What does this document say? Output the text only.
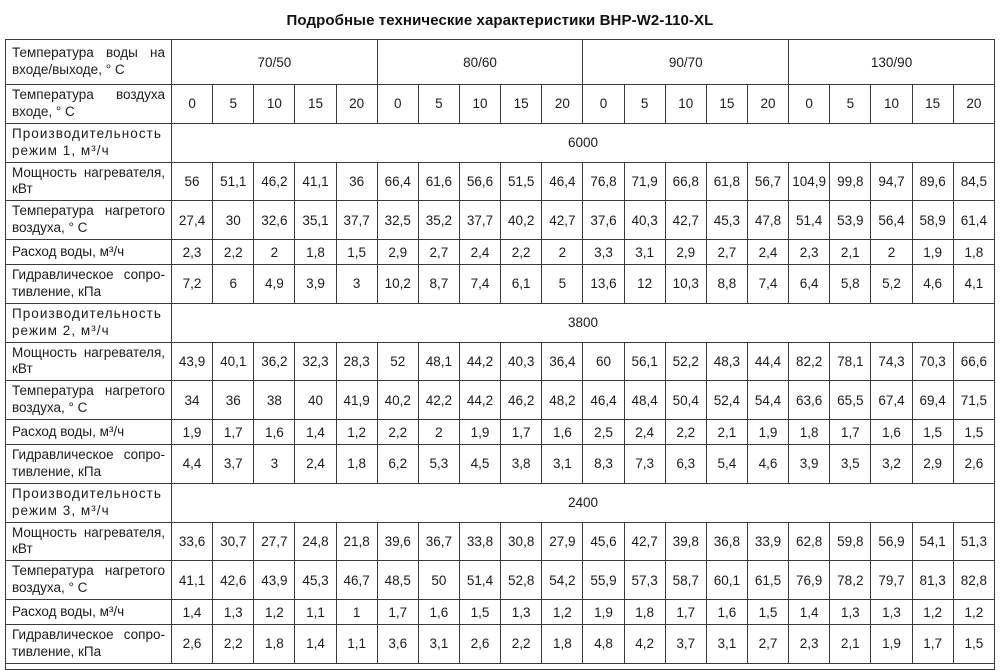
Подробные технические характеристики BHP-W2-110-XL
Температура воды на входе/выходе, ° С	70/50					80/60					90/70					130/90				
Температура воздуха входе, ° С	0	5	10	15	20	0	5	10	15	20	0	5	10	15	20	0	5	10	15	20
Производительность режим 1, м³/ч	6000																			
Мощность нагревателя, кВт	56	51,1	46,2	41,1	36	66,4	61,6	56,6	51,5	46,4	76,8	71,9	66,8	61,8	56,7	104,9	99,8	94,7	89,6	84,5
Температура нагретого воздуха, ° С	27,4	30	32,6	35,1	37,7	32,5	35,2	37,7	40,2	42,7	37,6	40,3	42,7	45,3	47,8	51,4	53,9	56,4	58,9	61,4
Расход воды, м³/ч	2,3	2,2	2	1,8	1,5	2,9	2,7	2,4	2,2	2	3,3	3,1	2,9	2,7	2,4	2,3	2,1	2	1,9	1,8
Гидравлическое сопро-тивление, кПа	7,2	6	4,9	3,9	3	10,2	8,7	7,4	6,1	5	13,6	12	10,3	8,8	7,4	6,4	5,8	5,2	4,6	4,1
Производительность режим 2, м³/ч	3800																			
Мощность нагревателя, кВт	43,9	40,1	36,2	32,3	28,3	52	48,1	44,2	40,3	36,4	60	56,1	52,2	48,3	44,4	82,2	78,1	74,3	70,3	66,6
Температура нагретого воздуха, ° С	34	36	38	40	41,9	40,2	42,2	44,2	46,2	48,2	46,4	48,4	50,4	52,4	54,4	63,6	65,5	67,4	69,4	71,5
Расход воды, м³/ч	1,9	1,7	1,6	1,4	1,2	2,2	2	1,9	1,7	1,6	2,5	2,4	2,2	2,1	1,9	1,8	1,7	1,6	1,5	1,5
Гидравлическое сопро-тивление, кПа	4,4	3,7	3	2,4	1,8	6,2	5,3	4,5	3,8	3,1	8,3	7,3	6,3	5,4	4,6	3,9	3,5	3,2	2,9	2,6
Производительность режим 3, м³/ч	2400																			
Мощность нагревателя, кВт	33,6	30,7	27,7	24,8	21,8	39,6	36,7	33,8	30,8	27,9	45,6	42,7	39,8	36,8	33,9	62,8	59,8	56,9	54,1	51,3
Температура нагретого воздуха, ° С	41,1	42,6	43,9	45,3	46,7	48,5	50	51,4	52,8	54,2	55,9	57,3	58,7	60,1	61,5	76,9	78,2	79,7	81,3	82,8
Расход воды, м³/ч	1,4	1,3	1,2	1,1	1	1,7	1,6	1,5	1,3	1,2	1,9	1,8	1,7	1,6	1,5	1,4	1,3	1,3	1,2	1,2
Гидравлическое сопро-тивление, кПа	2,6	2,2	1,8	1,4	1,1	3,6	3,1	2,6	2,2	1,8	4,8	4,2	3,7	3,1	2,7	2,3	2,1	1,9	1,7	1,5
